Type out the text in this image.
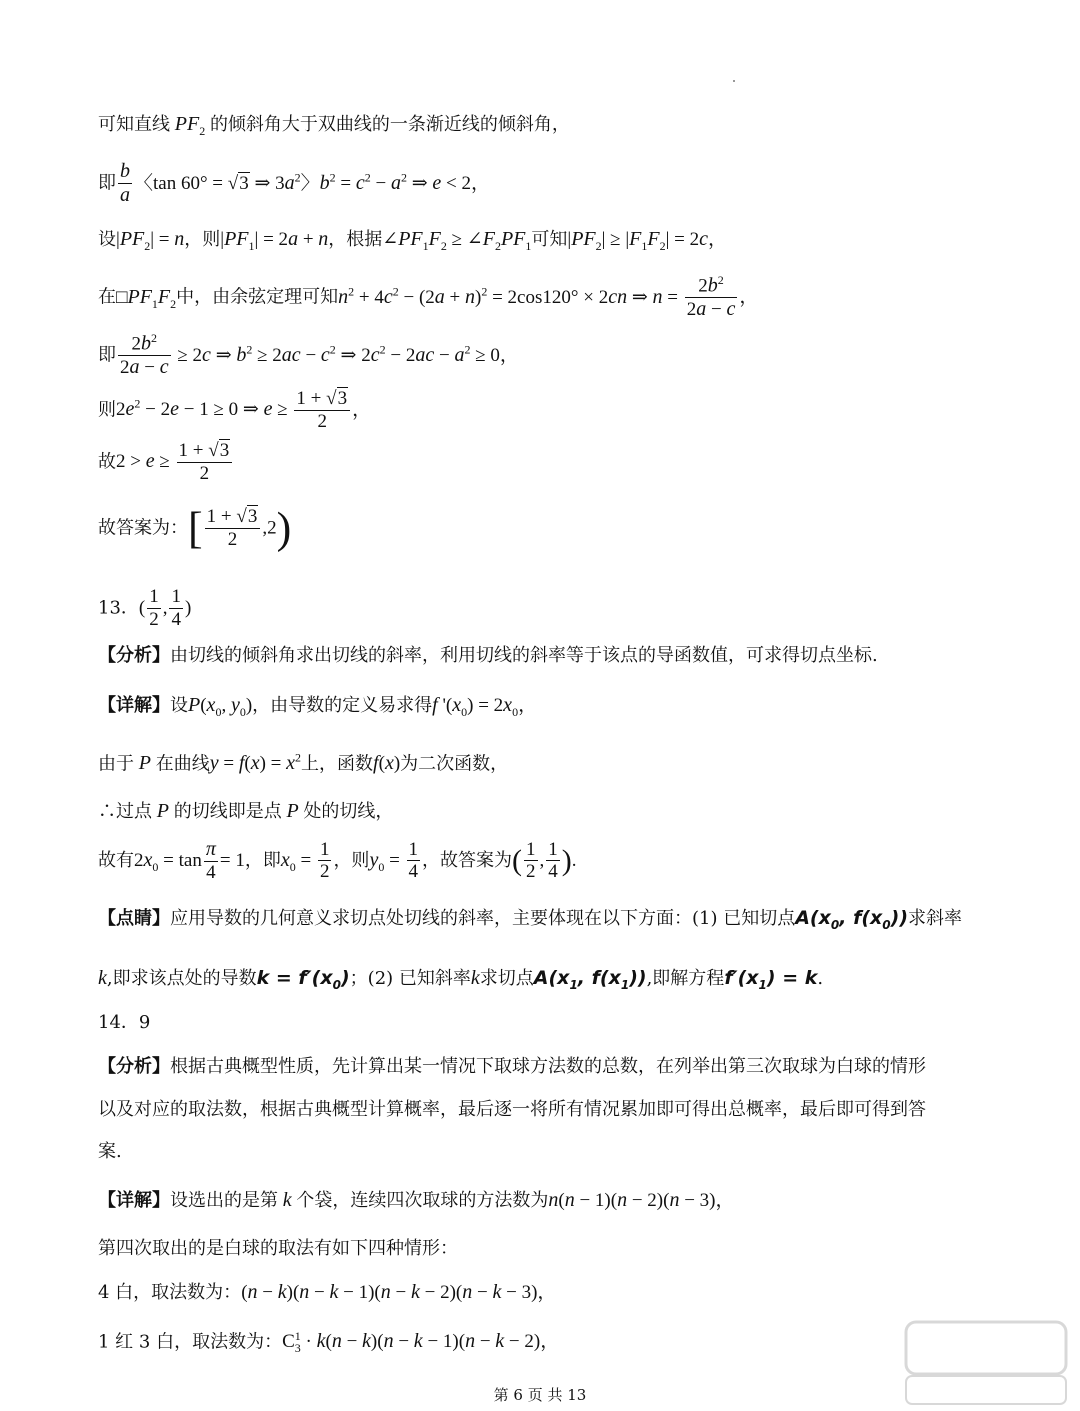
可知直线 $PF_2$ 的倾斜角大于双曲线的一条渐近线的倾斜角，
即 $\frac{b}{a}$ 〈tan 60° = √3 ⇒ $3a^2$〉$b^2 = c^2 - a^2$ ⇒ e < 2，
设$|PF_2| = n$，则$|PF_1| = 2a + n$，根据$\angle PF_1F_2$ ≥ $\angle F_2PF_1$可知$|PF_2| \ge |F_1F_2| = 2c$，
在$□PF_1F_2$中，由余弦定理可知$n^2 + 4c^2 - (2a + n)^2 = 2\cos 120^\circ \times 2cn$ ⇒ $n = \frac{2b^2}{2a - c}$ ，
即 $\frac{2b^2}{2a - c} \ge 2c$ ⇒ $b^2 \ge 2ac - c^2$ ⇒ $2c^2 - 2ac - a^2 \ge 0$，
则$2e^2 - 2e - 1 \ge 0$ ⇒ $e \ge \frac{1 + √3}{2}$ ，
故$2 > e \ge \frac{1 + √3}{2}$
故答案为：[ $\frac{1 + √3}{2} ,2$)
13．( $\frac{1}{2}$ , $\frac{1}{4}$ )
【分析】由切线的倾斜角求出切线的斜率，利用切线的斜率等于该点的导函数值，可求得切点坐标.
【详解】设$P(x_0$, $y_0$)，由导数的定义易求得f '$(x_0) = 2x_0$，
由于 P 在曲线$y = f(x) = x^2$上，函数f(x)为二次函数，
∴过点 P 的切线即是点 P 处的切线，
故有$2x_0 = \tan \frac{\pi}{4} = 1$，即$x_0 = \frac{1}{2}$ ，则$y_0 = \frac{1}{4}$ ，故答案为( $\frac{1}{2}$ , $\frac{1}{4}$ ).
【点睛】应用导数的几何意义求切点处切线的斜率，主要体现在以下方面：(1) 已知切点$A(x_0$, $f(x_0)$)求斜率
k,即求该点处的导数$k = f'(x_0)$；(2) 已知斜率k求切点$A(x_1$, $f(x_1)$),即解方程$f'(x_1) = k$.
14．9
【分析】根据古典概型性质，先计算出某一情况下取球方法数的总数，在列举出第三次取球为白球的情形
以及对应的取法数，根据古典概型计算概率，最后逐一将所有情况累加即可得出总概率，最后即可得到答
案.
【详解】设选出的是第 k 个袋，连续四次取球的方法数为n(n − 1)(n − 2)(n − 3)，
第四次取出的是白球的取法有如下四种情形：
4 白，取法数为：(n − k)(n − k − 1)(n − k − 2)(n − k − 3)，
1 红 3 白，取法数为：$C^1_3 \cdot k(n - k)(n - k - 1)(n - k - 2)$，
第 6 页 共 13
